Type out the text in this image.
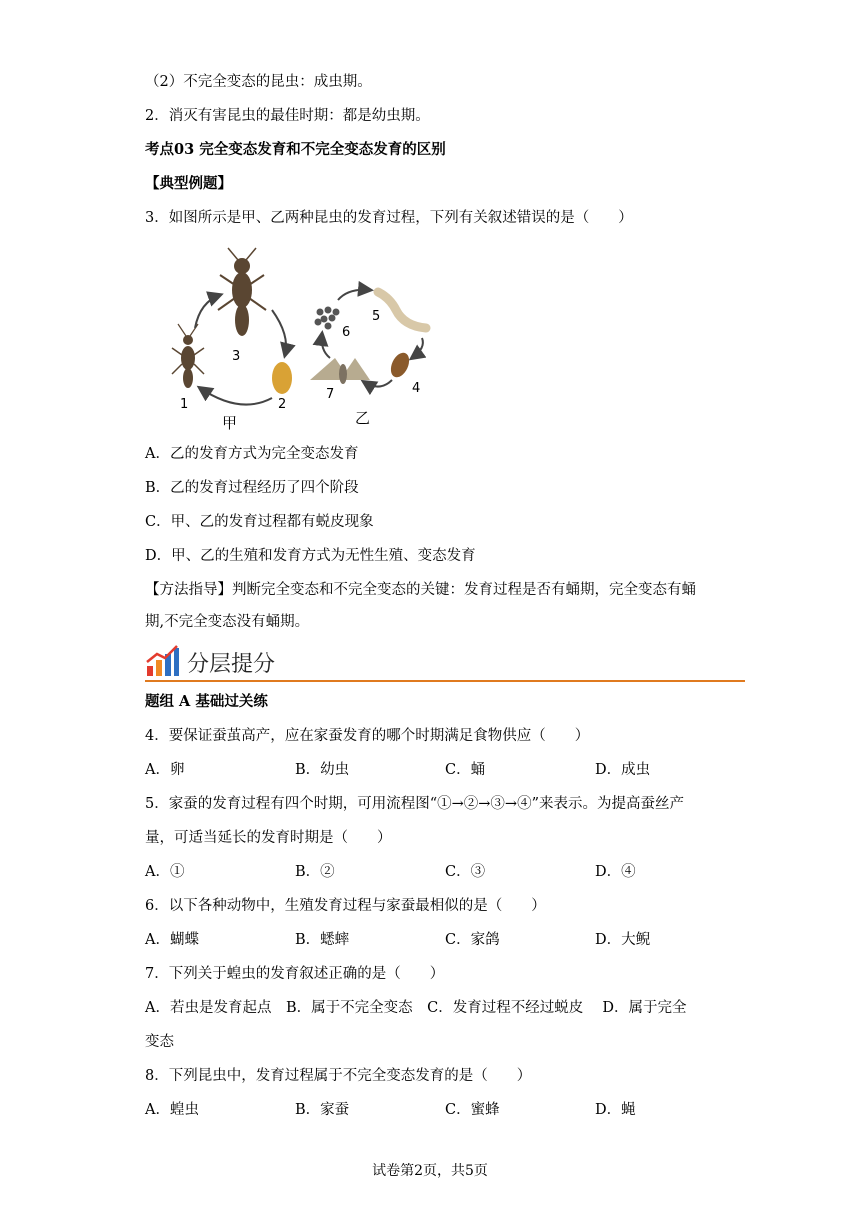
（2）不完全变态的昆虫：成虫期。
2．消灭有害昆虫的最佳时期：都是幼虫期。
考点03 完全变态发育和不完全变态发育的区别
【典型例题】
3．如图所示是甲、乙两种昆虫的发育过程，下列有关叙述错误的是（　　）
1	2
3
甲
4
5
6
7
乙
A．乙的发育方式为完全变态发育
B．乙的发育过程经历了四个阶段
C．甲、乙的发育过程都有蜕皮现象
D．甲、乙的生殖和发育方式为无性生殖、变态发育
【方法指导】判断完全变态和不完全变态的关键：发育过程是否有蛹期，完全变态有蛹
期,不完全变态没有蛹期。
分层提分
题组 A 基础过关练
4．要保证蚕茧高产，应在家蚕发育的哪个时期满足食物供应（　　）
A．卵	B．幼虫	C．蛹	D．成虫
5．家蚕的发育过程有四个时期，可用流程图“①→②→③→④”来表示。为提高蚕丝产
量，可适当延长的发育时期是（　　）
A．①	B．②	C．③	D．④
6．以下各种动物中，生殖发育过程与家蚕最相似的是（　　）
A．蝴蝶	B．蟋蟀	C．家鸽	D．大鲵
7．下列关于蝗虫的发育叙述正确的是（　　）
A．若虫是发育起点　B．属于不完全变态　C．发育过程不经过蜕皮　 D．属于完全
变态
8．下列昆虫中，发育过程属于不完全变态发育的是（　　）
A．蝗虫	B．家蚕	C．蜜蜂	D．蝇
试卷第2页，共5页
